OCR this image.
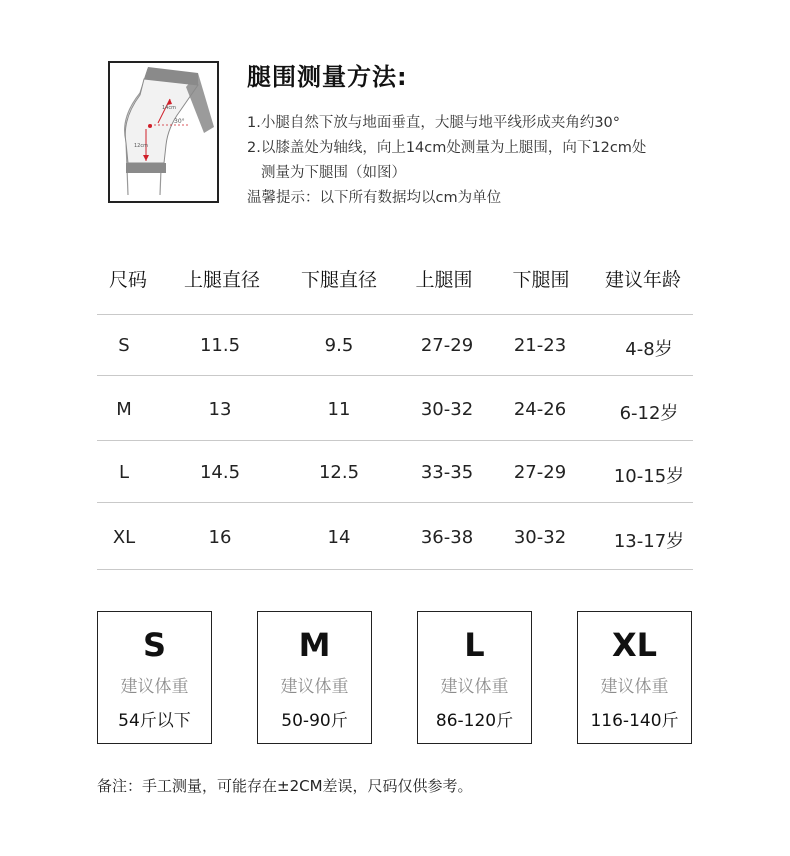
30°
14cm
12cm
腿围测量方法:
1.小腿自然下放与地面垂直，大腿与地平线形成夹角约30°
2.以膝盖处为轴线，向上14cm处测量为上腿围，向下12cm处
测量为下腿围（如图）
温馨提示：以下所有数据均以cm为单位
尺码 上腿直径 下腿直径 上腿围 下腿围 建议年龄
S	11.5	9.5	27-29 21-23	4-8岁
M	13	11	30-32 24-26	6-12岁
L	14.5	12.5	33-35 27-29	10-15岁
XL	16	14	36-38 30-32	13-17岁
S
建议体重
54斤以下
M
建议体重
50-90斤
L
建议体重
86-120斤
XL
建议体重
116-140斤
备注：手工测量，可能存在±2CM差误，尺码仅供参考。
